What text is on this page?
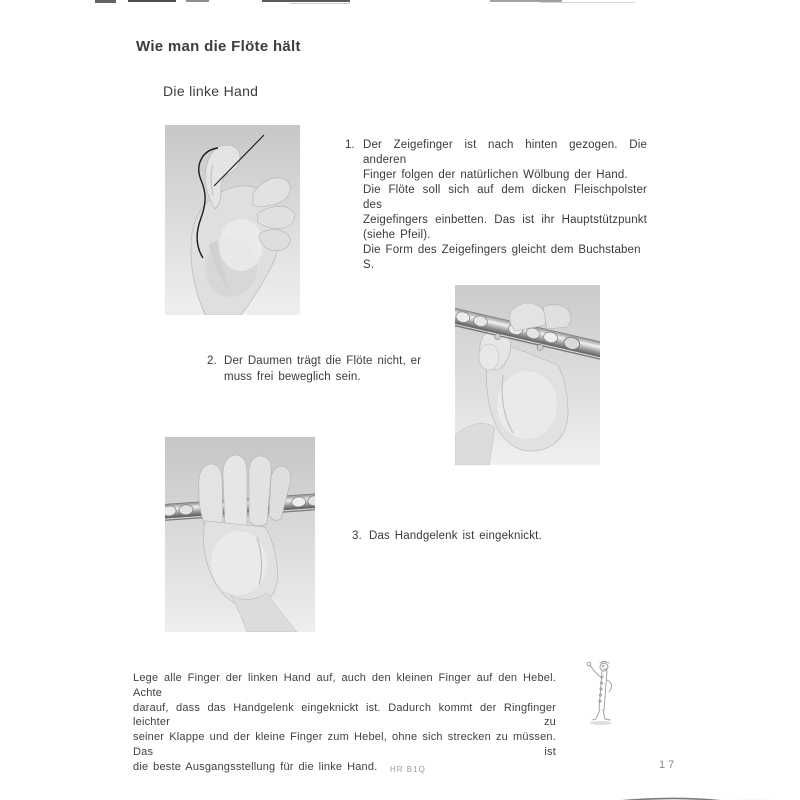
Wie man die Flöte hält
Die linke Hand
1. Der Zeigefinger ist nach hinten gezogen. Die anderen
Finger folgen der natürlichen Wölbung der Hand.
Die Flöte soll sich auf dem dicken Fleischpolster des
Zeigefingers einbetten. Das ist ihr Hauptstützpunkt
(siehe Pfeil).
Die Form des Zeigefingers gleicht dem Buchstaben S.
2. Der Daumen trägt die Flöte nicht, er
muss frei beweglich sein.
3. Das Handgelenk ist eingeknickt.
Lege alle Finger der linken Hand auf, auch den kleinen Finger auf den Hebel. Achte
darauf, dass das Handgelenk eingeknickt ist. Dadurch kommt der Ringfinger leichter zu
seiner Klappe und der kleine Finger zum Hebel, ohne sich strecken zu müssen. Das ist
die beste Ausgangsstellung für die linke Hand.	HR B1Q	17
